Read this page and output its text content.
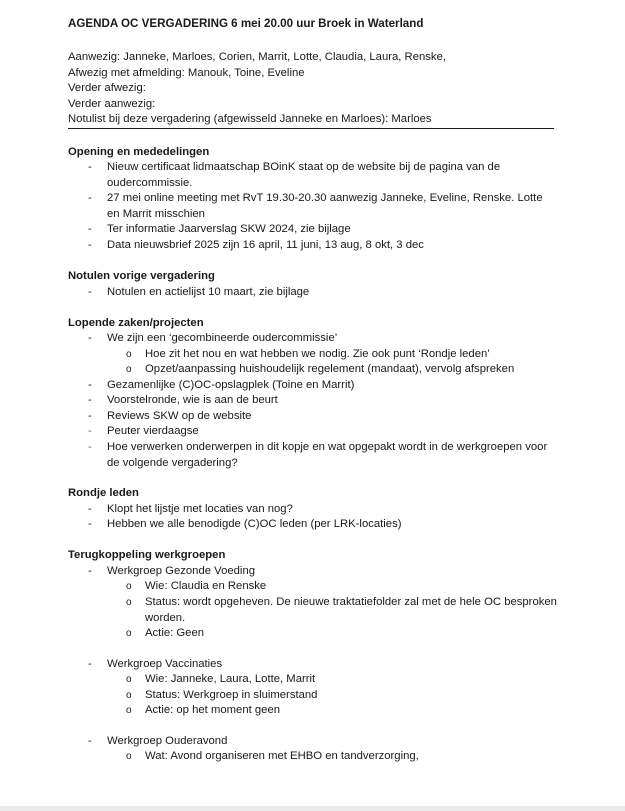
AGENDA OC VERGADERING 6 mei 20.00 uur Broek in Waterland
Aanwezig: Janneke, Marloes, Corien, Marrit, Lotte, Claudia, Laura, Renske,
Afwezig met afmelding: Manouk, Toine, Eveline
Verder afwezig:
Verder aanwezig:
Notulist bij deze vergadering (afgewisseld Janneke en Marloes): Marloes
Opening en mededelingen
- Nieuw certificaat lidmaatschap BOinK staat op de website bij de pagina van de oudercommissie.
- 27 mei online meeting met RvT 19.30-20.30 aanwezig Janneke, Eveline, Renske. Lotte en Marrit misschien
- Ter informatie Jaarverslag SKW 2024, zie bijlage
- Data nieuwsbrief 2025 zijn 16 april, 11 juni, 13 aug, 8 okt, 3 dec
Notulen vorige vergadering
- Notulen en actielijst 10 maart, zie bijlage
Lopende zaken/projecten
- We zijn een ‘gecombineerde oudercommissie’
o Hoe zit het nou en wat hebben we nodig. Zie ook punt ‘Rondje leden’
o Opzet/aanpassing huishoudelijk regelement (mandaat), vervolg afspreken
- Gezamenlijke (C)OC-opslagplek (Toine en Marrit)
- Voorstelronde, wie is aan de beurt
- Reviews SKW op de website
- Peuter vierdaagse
- Hoe verwerken onderwerpen in dit kopje en wat opgepakt wordt in de werkgroepen voor de volgende vergadering?
Rondje leden
- Klopt het lijstje met locaties van nog?
- Hebben we alle benodigde (C)OC leden (per LRK-locaties)
Terugkoppeling werkgroepen
- Werkgroep Gezonde Voeding
o Wie: Claudia en Renske
o Status: wordt opgeheven. De nieuwe traktatiefolder zal met de hele OC besproken worden.
o Actie: Geen
- Werkgroep Vaccinaties
o Wie: Janneke, Laura, Lotte, Marrit
o Status: Werkgroep in sluimerstand
o Actie: op het moment geen
- Werkgroep Ouderavond
o Wat: Avond organiseren met EHBO en tandverzorging,
